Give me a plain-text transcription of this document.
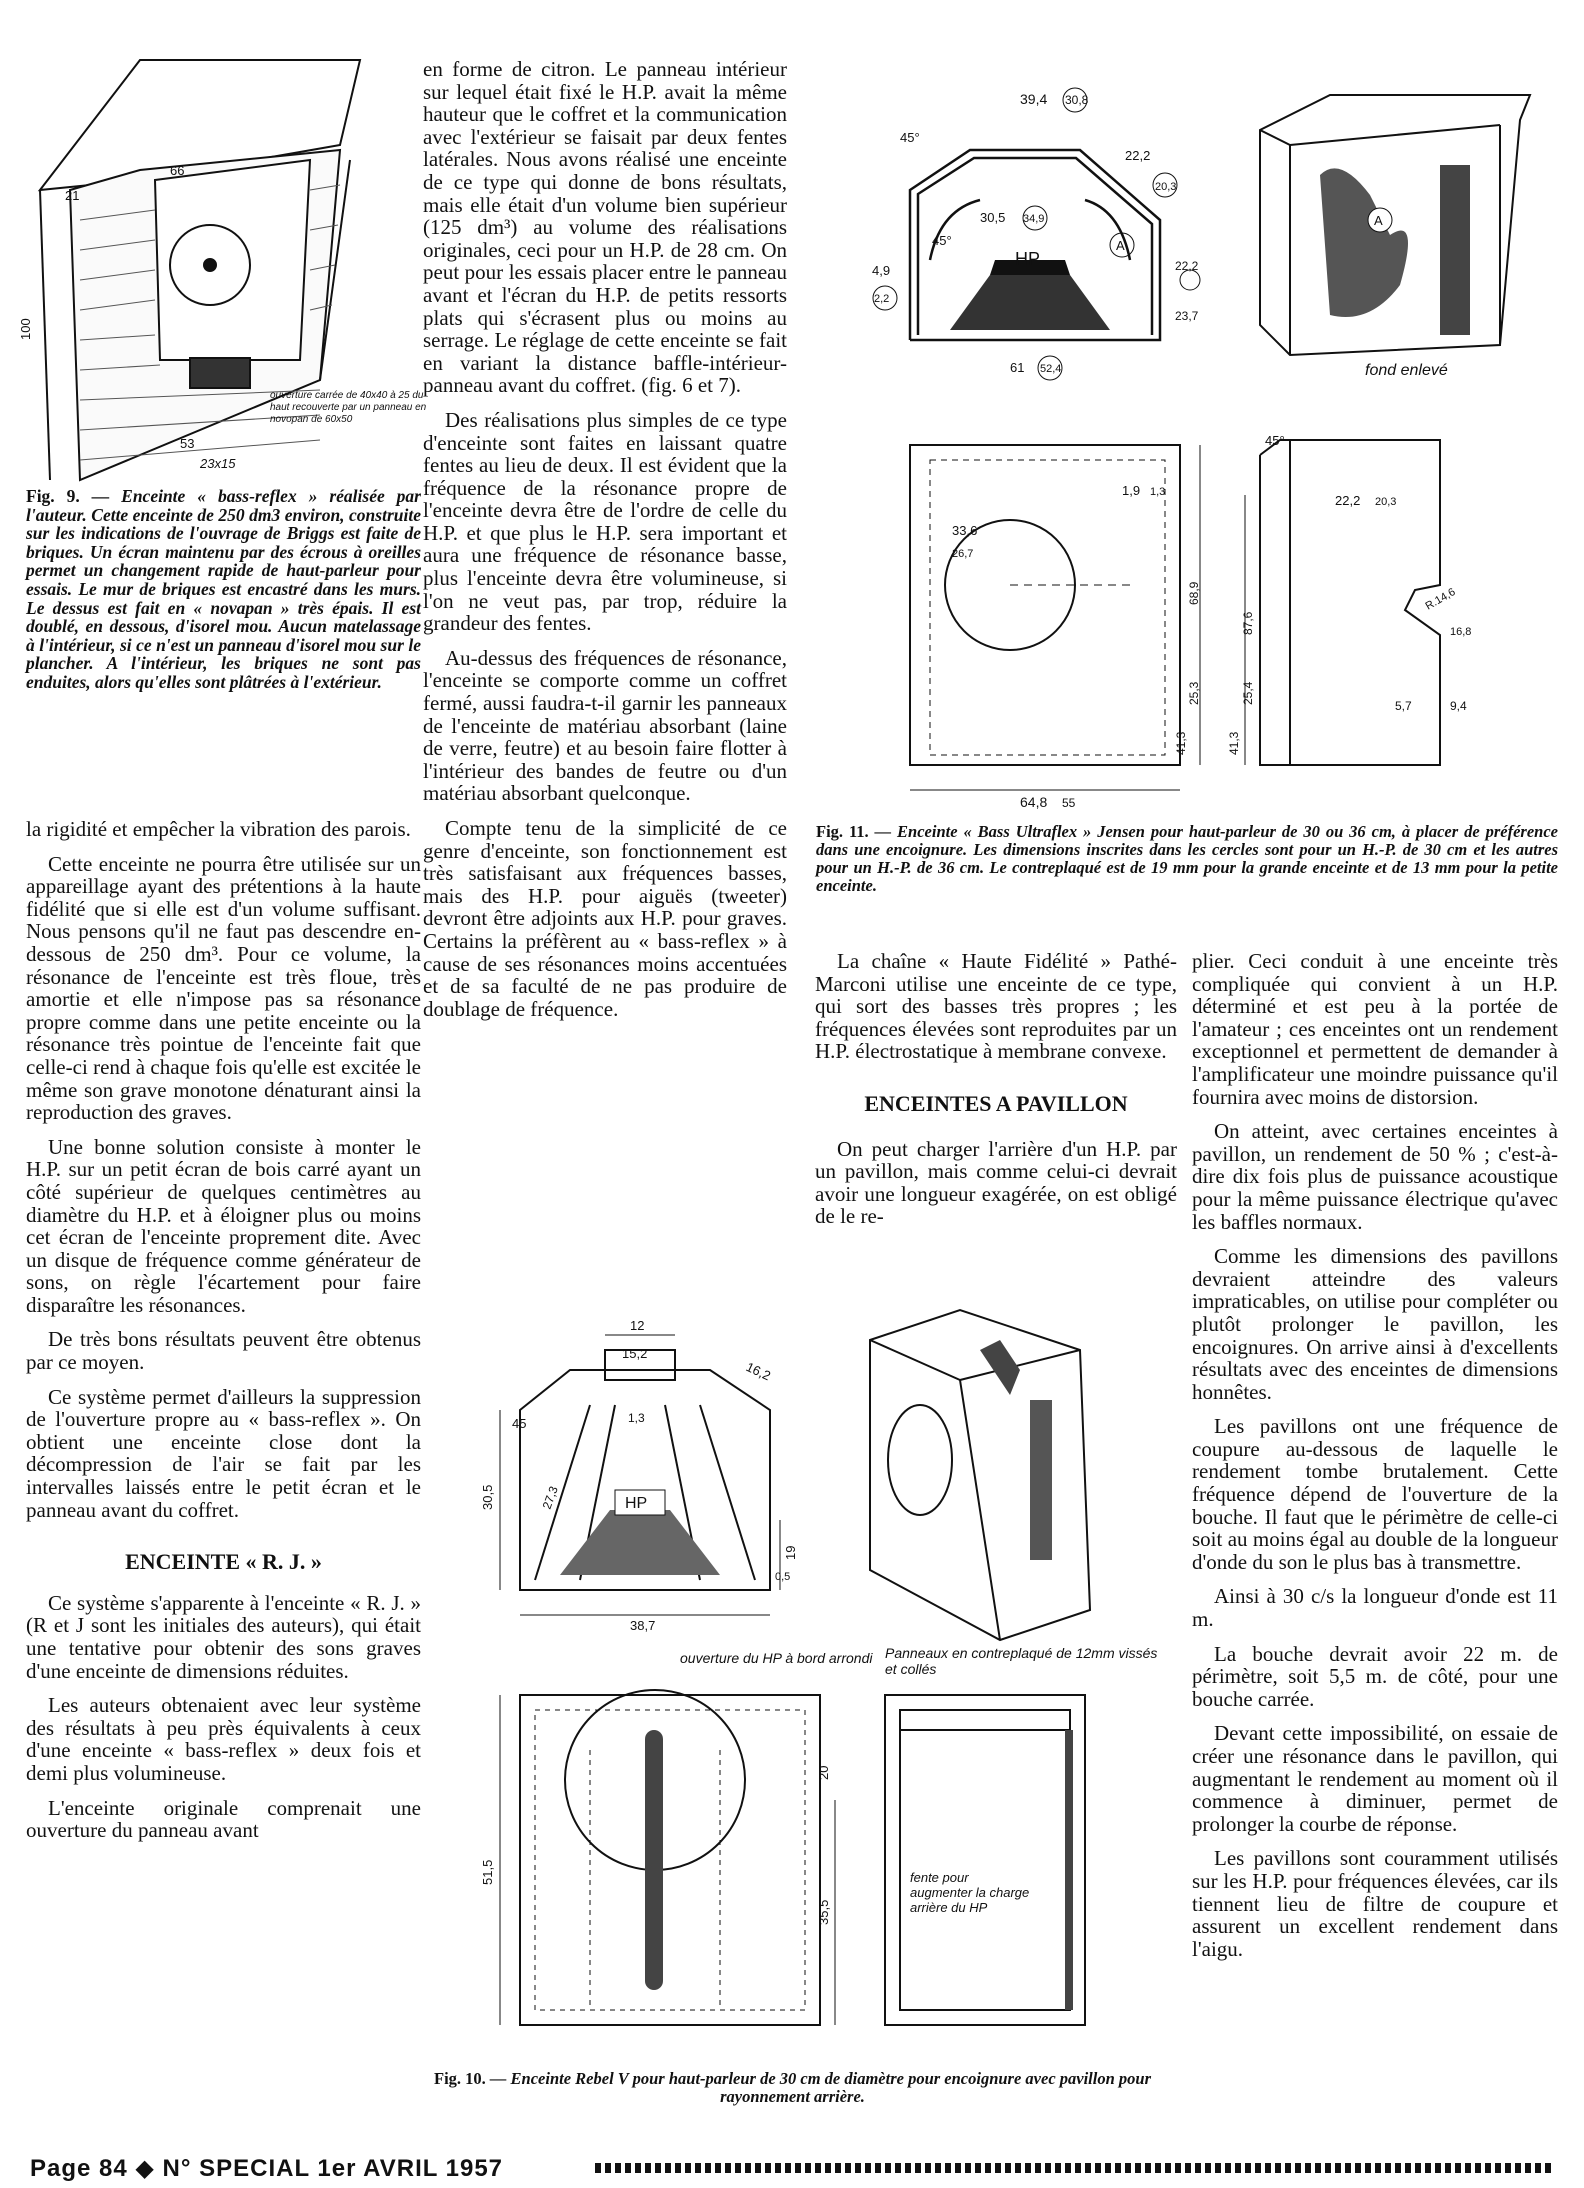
66
21
100
53
23x15
ouverture carrée de 40x40 à 25 du haut recouverte par un panneau en novopan de 60x50
Fig. 9. — Enceinte « bass-reflex » réalisée par l'auteur. Cette enceinte de 250 dm3 environ, construite sur les indications de l'ouvrage de Briggs est faite de briques. Un écran maintenu par des écrous à oreilles permet un changement rapide de haut-parleur pour essais. Le mur de briques est encastré dans les murs. Le dessus est fait en « novapan » très épais. Il est doublé, en dessous, d'isorel mou. Aucun matelassage à l'intérieur, si ce n'est un panneau d'isorel mou sur le plancher. A l'intérieur, les briques ne sont pas enduites, alors qu'elles sont plâtrées à l'extérieur.

la rigidité et empêcher la vibration des parois.

Cette enceinte ne pourra être utilisée sur un appareillage ayant des prétentions à la haute fidélité que si elle est d'un volume suffisant. Nous pensons qu'il ne faut pas descendre en-dessous de 250 dm³. Pour ce volume, la résonance de l'enceinte est très floue, très amortie et elle n'impose pas sa résonance propre comme dans une petite enceinte ou la résonance très pointue de l'enceinte fait que celle-ci rend à chaque fois qu'elle est excitée le même son grave monotone dénaturant ainsi la reproduction des graves.

Une bonne solution consiste à monter le H.P. sur un petit écran de bois carré ayant un côté supérieur de quelques centimètres au diamètre du H.P. et à éloigner plus ou moins cet écran de l'enceinte proprement dite. Avec un disque de fréquence comme générateur de sons, on règle l'écartement pour faire disparaître les résonances.

De très bons résultats peuvent être obtenus par ce moyen.

Ce système permet d'ailleurs la suppression de l'ouverture propre au « bass-reflex ». On obtient une enceinte close dont la décompression de l'air se fait par les intervalles laissés entre le petit écran et le panneau avant du coffret.

ENCEINTE « R. J. »

Ce système s'apparente à l'enceinte « R. J. » (R et J sont les initiales des auteurs), qui était une tentative pour obtenir des sons graves d'une enceinte de dimensions réduites.

Les auteurs obtenaient avec leur système des résultats à peu près équivalents à ceux d'une enceinte « bass-reflex » deux fois et demi plus volumineuse.

L'enceinte originale comprenait une ouverture du panneau avant

en forme de citron. Le panneau intérieur sur lequel était fixé le H.P. avait la même hauteur que le coffret et la communication avec l'extérieur se faisait par deux fentes latérales. Nous avons réalisé une enceinte de ce type qui donne de bons résultats, mais elle était d'un volume bien supérieur (125 dm³) au volume des réalisations originales, ceci pour un H.P. de 28 cm. On peut pour les essais placer entre le panneau avant et l'écran du H.P. de petits ressorts plats qui s'écrasent plus ou moins au serrage. Le réglage de cette enceinte se fait en variant la distance baffle-intérieur-panneau avant du coffret. (fig. 6 et 7).

Des réalisations plus simples de ce type d'enceinte sont faites en laissant quatre fentes au lieu de deux. Il est évident que la fréquence de la résonance propre de l'enceinte devra être de l'ordre de celle du H.P. et que plus le H.P. sera important et aura une fréquence de résonance basse, plus l'enceinte devra être volumineuse, si l'on ne veut pas, par trop, réduire la grandeur des fentes.

Au-dessus des fréquences de résonance, l'enceinte se comporte comme un coffret fermé, aussi faudra-t-il garnir les panneaux de l'enceinte de matériau absorbant (laine de verre, feutre) et au besoin faire flotter à l'intérieur des bandes de feutre ou d'un matériau absorbant quelconque.

Compte tenu de la simplicité de ce genre d'enceinte, son fonctionnement est très satisfaisant aux fréquences basses, mais des H.P. pour aiguës (tweeter) devront être adjoints aux H.P. pour graves. Certains la préfèrent au « bass-reflex » à cause de ses résonances moins accentuées et de sa faculté de ne pas produire de doublage de fréquence.

45°
39,4 30,8
22,2
20,3
30,5 34,9
45°
4,9
2,2
HP
A
22,2
23,7
61 52,4
A
fond enlevé
45°
1,9 1,3
33,6
26,7
22,2 20,3
68,9
87,6
R.14,6
16,8
25,3	25,4
41,3	41,3
5,7	9,4
64,8 55
Fig. 11. — Enceinte « Bass Ultraflex » Jensen pour haut-parleur de 30 ou 36 cm, à placer de préférence dans une encoignure. Les dimensions inscrites dans les cercles sont pour un H.-P. de 30 cm et les autres pour un H.-P. de 36 cm. Le contreplaqué est de 19 mm pour la grande enceinte et de 13 mm pour la petite enceinte.

La chaîne « Haute Fidélité » Pathé-Marconi utilise une enceinte de ce type, qui sort des basses très propres ; les fréquences élevées sont reproduites par un H.P. électrostatique à membrane convexe.

ENCEINTES A PAVILLON

On peut charger l'arrière d'un H.P. par un pavillon, mais comme celui-ci devrait avoir une longueur exagérée, on est obligé de le re-

plier. Ceci conduit à une enceinte très compliquée qui convient à un H.P. déterminé et est peu à la portée de l'amateur ; ces enceintes ont un rendement exceptionnel et permettent de demander à l'amplificateur une moindre puissance qu'il fournira avec moins de distorsion.

On atteint, avec certaines enceintes à pavillon, un rendement de 50 % ; c'est-à-dire dix fois plus de puissance acoustique pour la même puissance électrique qu'avec les baffles normaux.

Comme les dimensions des pavillons devraient atteindre des valeurs impraticables, on utilise pour compléter ou plutôt prolonger le pavillon, les encoignures. On arrive ainsi à d'excellents résultats avec des enceintes de dimensions honnêtes.

Les pavillons ont une fréquence de coupure au-dessous de laquelle le rendement tombe brutalement. Cette fréquence dépend de l'ouverture de la bouche. Il faut que le périmètre de celle-ci soit au moins égal au double de la longueur d'onde du son le plus bas à transmettre.

Ainsi à 30 c/s la longueur d'onde est 11 m.

La bouche devrait avoir 22 m. de périmètre, soit 5,5 m. de côté, pour une bouche carrée.

Devant cette impossibilité, on essaie de créer une résonance dans le pavillon, qui augmentant le rendement au moment où il commence à diminuer, permet de prolonger la courbe de réponse.

Les pavillons sont couramment utilisés sur les H.P. pour fréquences élevées, car ils tiennent lieu de filtre de coupure et assurent un excellent rendement dans l'aigu.

12
15,2
16,2
45	1,3
30,5	27,3	HP
19
0,5
38,7
ouverture du HP à bord arrondi Panneaux en contreplaqué de 12mm vissés et collés
20
51,5
35,5
fente pour augmenter la charge arrière du HP
Fig. 10. — Enceinte Rebel V pour haut-parleur de 30 cm de diamètre pour encoignure avec pavillon pour rayonnement arrière.
Page 84 ◆ N° SPECIAL 1er AVRIL 1957
